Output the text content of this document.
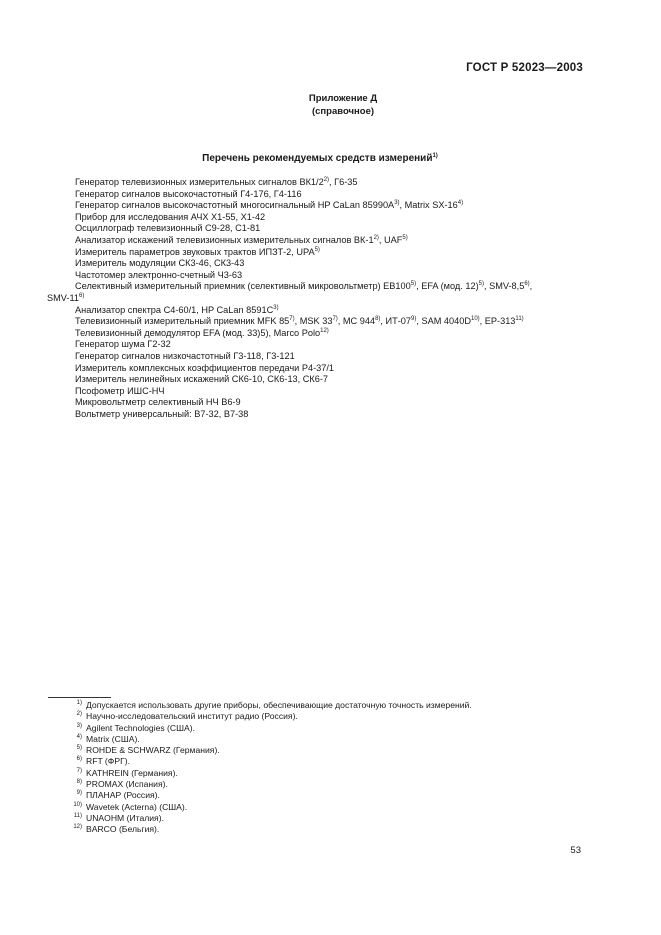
ГОСТ Р 52023—2003
Приложение Д
(справочное)
Перечень рекомендуемых средств измерений$^{1)}$
Генератор телевизионных измерительных сигналов ВК1/2$^{2)}$, Г6-35
Генератор сигналов высокочастотный Г4-176, Г4-116
Генератор сигналов высокочастотный многосигнальный HP CaLan $85990A^{3)}$, Matrix SX-16$^{4)}$
Прибор для исследования АЧХ Х1-55, Х1-42
Осциллограф телевизионный С9-28, С1-81
Анализатор искажений телевизионных измерительных сигналов ВК-1$^{2)}$, UAF$^{5)}$
Измеритель параметров звуковых трактов ИПЗТ-2, UPA$^{5)}$
Измеритель модуляции СК3-46, СК3-43
Частотомер электронно-счетный Ч3-63
Селективный измерительный приемник (селективный микровольтметр) EB100$^{5)}$, EFA (мод. 12)$^{5)}$, SMV-8,5$^{6)}$,
SMV-11$^{6)}$
Анализатор спектра С4-60/1, HP CaLan $8591C^{3)}$
Телевизионный измерительный приемник MFK 85$^{7)}$, MSK 33$^{7)}$, MC 944$^{8)}$, ИТ-07$^{9)}$, SAM $4040D^{10)}$, EP-313$^{11)}$
Телевизионный демодулятор EFA (мод. 33)5), Marco Polo$^{12)}$
Генератор шума Г2-32
Генератор сигналов низкочастотный Г3-118, Г3-121
Измеритель комплексных коэффициентов передачи Р4-37/1
Измеритель нелинейных искажений СК6-10, СК6-13, СК6-7
Псофометр ИШС-НЧ
Микровольтметр селективный НЧ В6-9
Вольтметр универсальный: В7-32, В7-38
$^{1)}$ Допускается использовать другие приборы, обеспечивающие достаточную точность измерений.
$^{2)}$ Научно-исследовательский институт радио (Россия).
$^{3)}$ Agilent Technologies (США).
$^{4)}$ Matrix (США).
$^{5)}$ ROHDE & SCHWARZ (Германия).
$^{6)}$ RFT (ФРГ).
$^{7)}$ KATHREIN (Германия).
$^{8)}$ PROMAX (Испания).
$^{9)}$ ПЛАНАР (Россия).
$^{10)}$ Wavetek (Acterna) (США).
$^{11)}$ UNAOHM (Италия).
$^{12)}$ BARCO (Бельгия).
53
